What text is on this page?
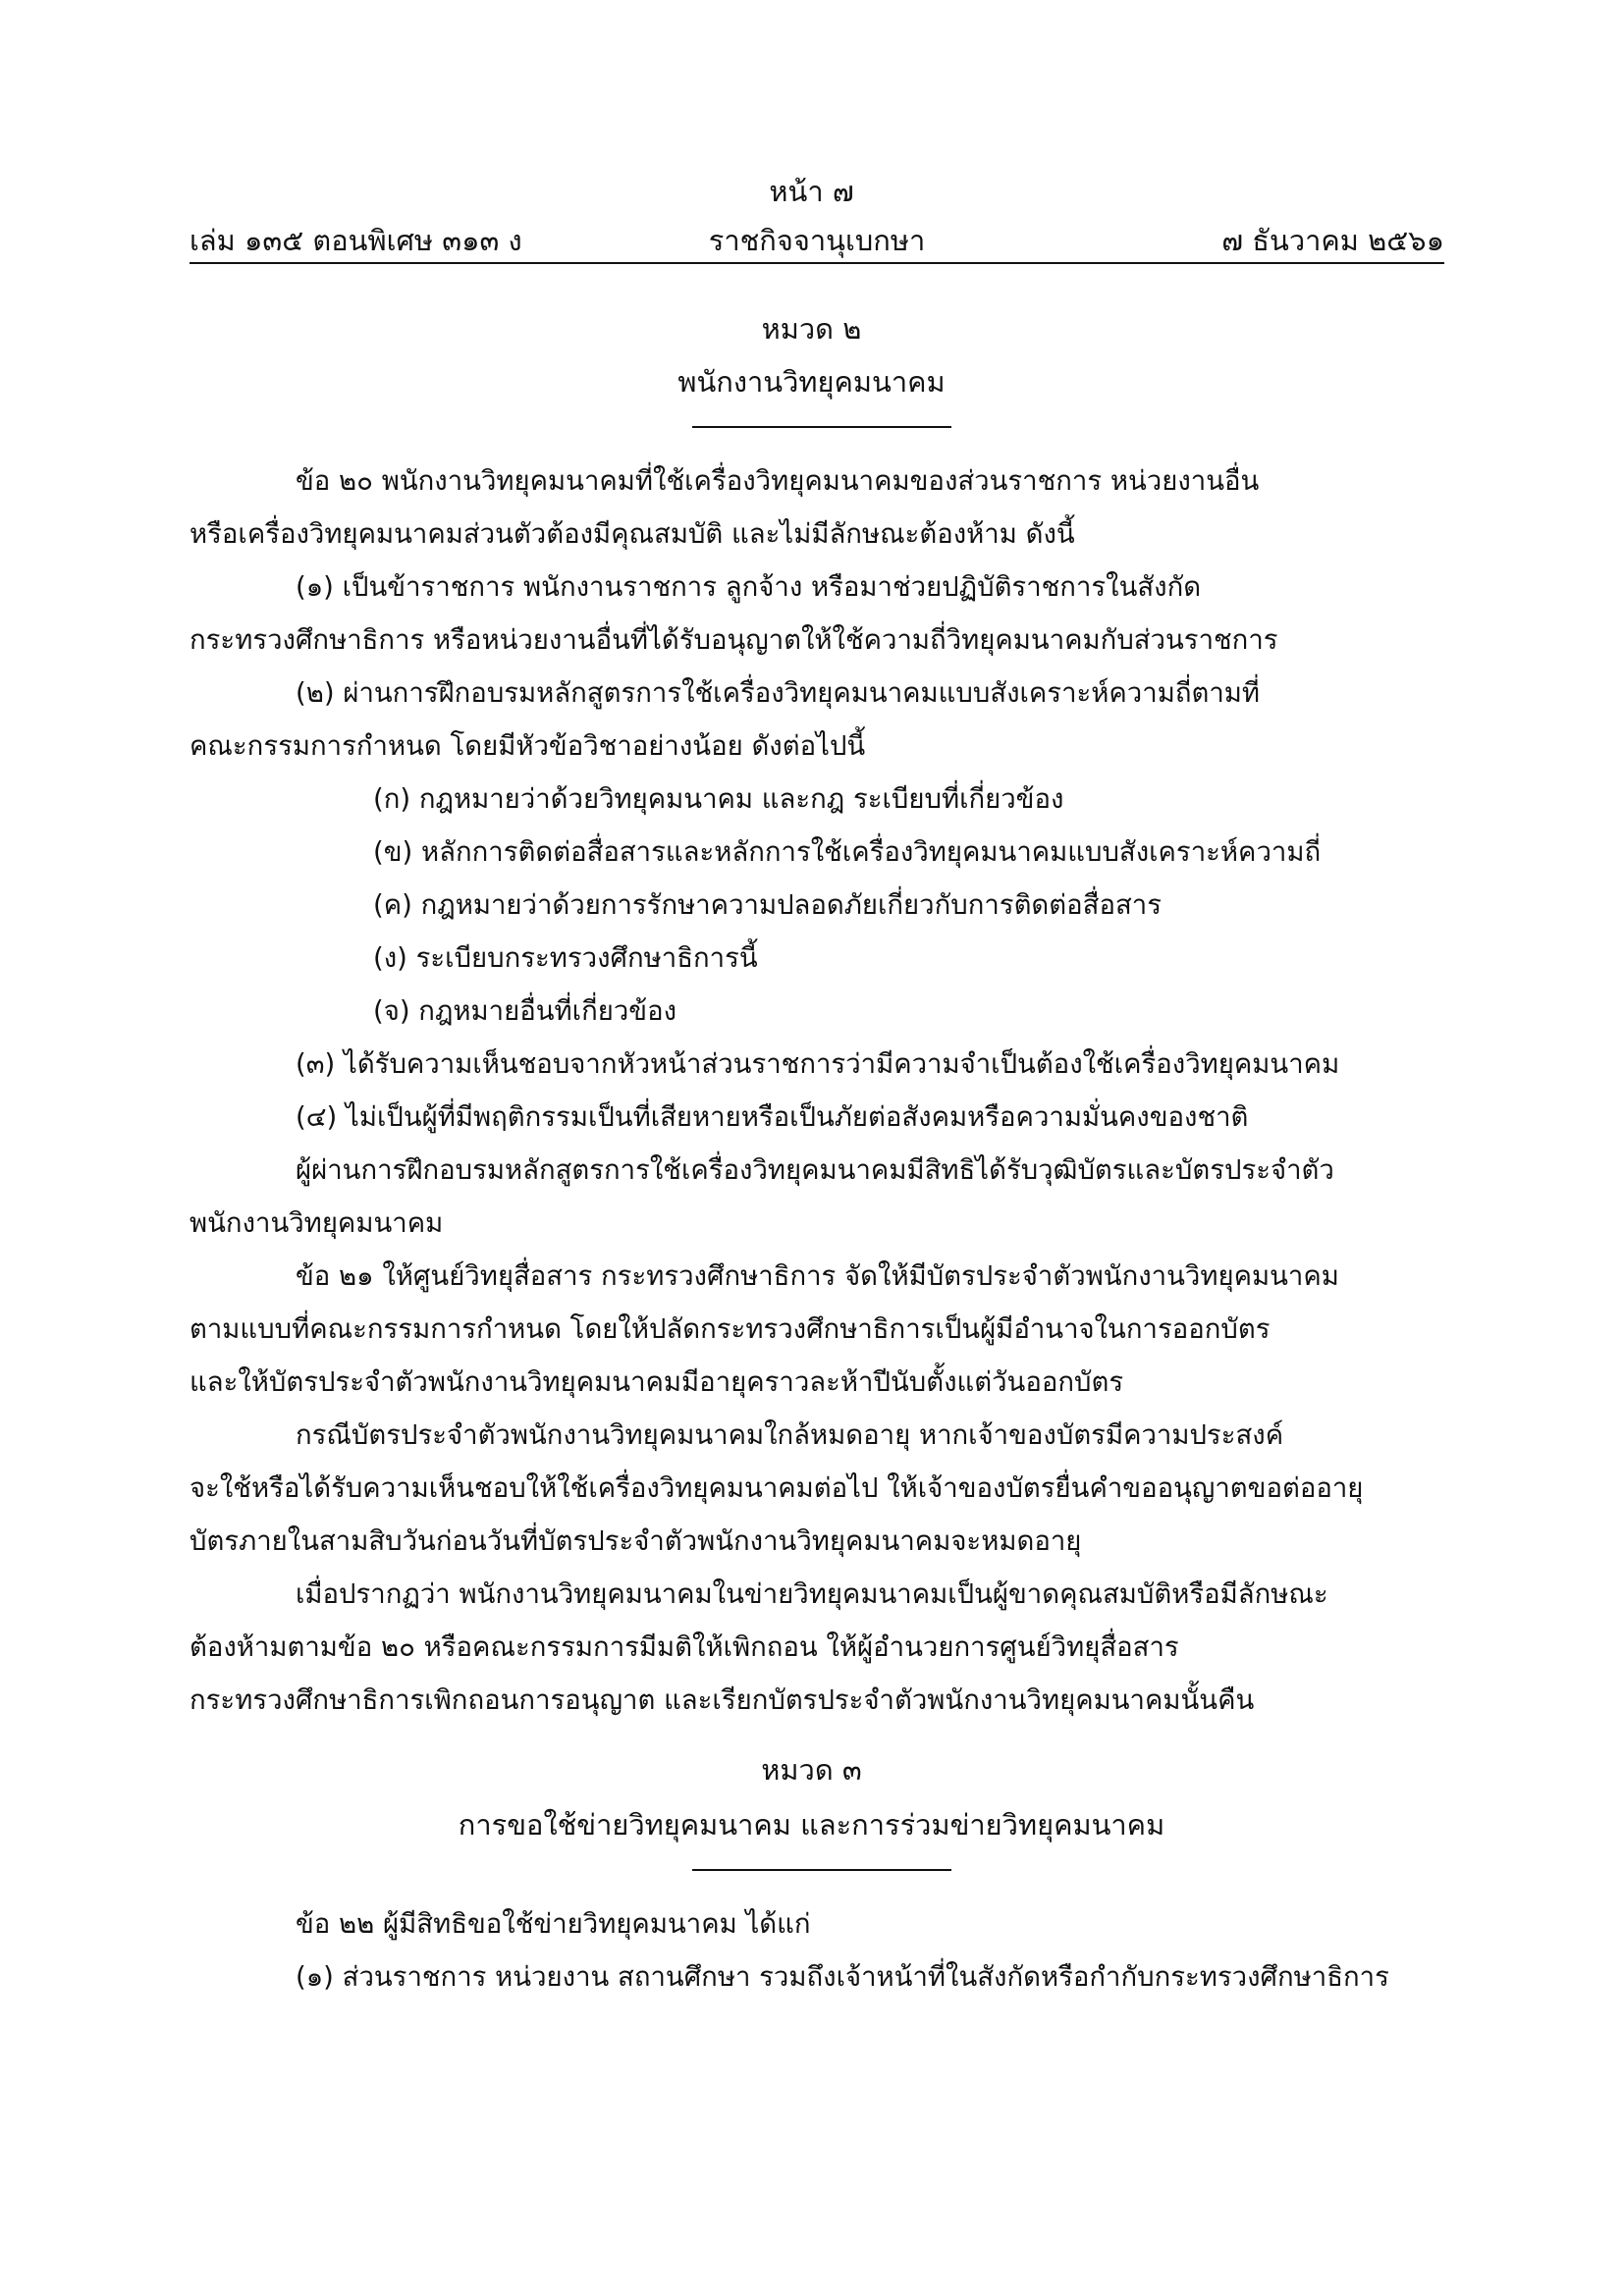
หน้า ๗
เล่ม ๑๓๕ ตอนพิเศษ ๓๑๓ ง	ราชกิจจานุเบกษา	๗ ธันวาคม ๒๕๖๑
หมวด ๒
พนักงานวิทยุคมนาคม
ข้อ ๒๐ พนักงานวิทยุคมนาคมที่ใช้เครื่องวิทยุคมนาคมของส่วนราชการ หน่วยงานอื่น
หรือเครื่องวิทยุคมนาคมส่วนตัวต้องมีคุณสมบัติ และไม่มีลักษณะต้องห้าม ดังนี้
(๑) เป็นข้าราชการ พนักงานราชการ ลูกจ้าง หรือมาช่วยปฏิบัติราชการในสังกัด
กระทรวงศึกษาธิการ หรือหน่วยงานอื่นที่ได้รับอนุญาตให้ใช้ความถี่วิทยุคมนาคมกับส่วนราชการ
(๒) ผ่านการฝึกอบรมหลักสูตรการใช้เครื่องวิทยุคมนาคมแบบสังเคราะห์ความถี่ตามที่
คณะกรรมการกำหนด โดยมีหัวข้อวิชาอย่างน้อย ดังต่อไปนี้
(ก) กฎหมายว่าด้วยวิทยุคมนาคม และกฎ ระเบียบที่เกี่ยวข้อง
(ข) หลักการติดต่อสื่อสารและหลักการใช้เครื่องวิทยุคมนาคมแบบสังเคราะห์ความถี่
(ค) กฎหมายว่าด้วยการรักษาความปลอดภัยเกี่ยวกับการติดต่อสื่อสาร
(ง) ระเบียบกระทรวงศึกษาธิการนี้
(จ) กฎหมายอื่นที่เกี่ยวข้อง
(๓) ได้รับความเห็นชอบจากหัวหน้าส่วนราชการว่ามีความจำเป็นต้องใช้เครื่องวิทยุคมนาคม
(๔) ไม่เป็นผู้ที่มีพฤติกรรมเป็นที่เสียหายหรือเป็นภัยต่อสังคมหรือความมั่นคงของชาติ
ผู้ผ่านการฝึกอบรมหลักสูตรการใช้เครื่องวิทยุคมนาคมมีสิทธิได้รับวุฒิบัตรและบัตรประจำตัว
พนักงานวิทยุคมนาคม
ข้อ ๒๑ ให้ศูนย์วิทยุสื่อสาร กระทรวงศึกษาธิการ จัดให้มีบัตรประจำตัวพนักงานวิทยุคมนาคม
ตามแบบที่คณะกรรมการกำหนด โดยให้ปลัดกระทรวงศึกษาธิการเป็นผู้มีอำนาจในการออกบัตร
และให้บัตรประจำตัวพนักงานวิทยุคมนาคมมีอายุคราวละห้าปีนับตั้งแต่วันออกบัตร
กรณีบัตรประจำตัวพนักงานวิทยุคมนาคมใกล้หมดอายุ หากเจ้าของบัตรมีความประสงค์
จะใช้หรือได้รับความเห็นชอบให้ใช้เครื่องวิทยุคมนาคมต่อไป ให้เจ้าของบัตรยื่นคำขออนุญาตขอต่ออายุ
บัตรภายในสามสิบวันก่อนวันที่บัตรประจำตัวพนักงานวิทยุคมนาคมจะหมดอายุ
เมื่อปรากฏว่า พนักงานวิทยุคมนาคมในข่ายวิทยุคมนาคมเป็นผู้ขาดคุณสมบัติหรือมีลักษณะ
ต้องห้ามตามข้อ ๒๐ หรือคณะกรรมการมีมติให้เพิกถอน ให้ผู้อำนวยการศูนย์วิทยุสื่อสาร
กระทรวงศึกษาธิการเพิกถอนการอนุญาต และเรียกบัตรประจำตัวพนักงานวิทยุคมนาคมนั้นคืน
หมวด ๓
การขอใช้ข่ายวิทยุคมนาคม และการร่วมข่ายวิทยุคมนาคม
ข้อ ๒๒ ผู้มีสิทธิขอใช้ข่ายวิทยุคมนาคม ได้แก่
(๑) ส่วนราชการ หน่วยงาน สถานศึกษา รวมถึงเจ้าหน้าที่ในสังกัดหรือกำกับกระทรวงศึกษาธิการ
